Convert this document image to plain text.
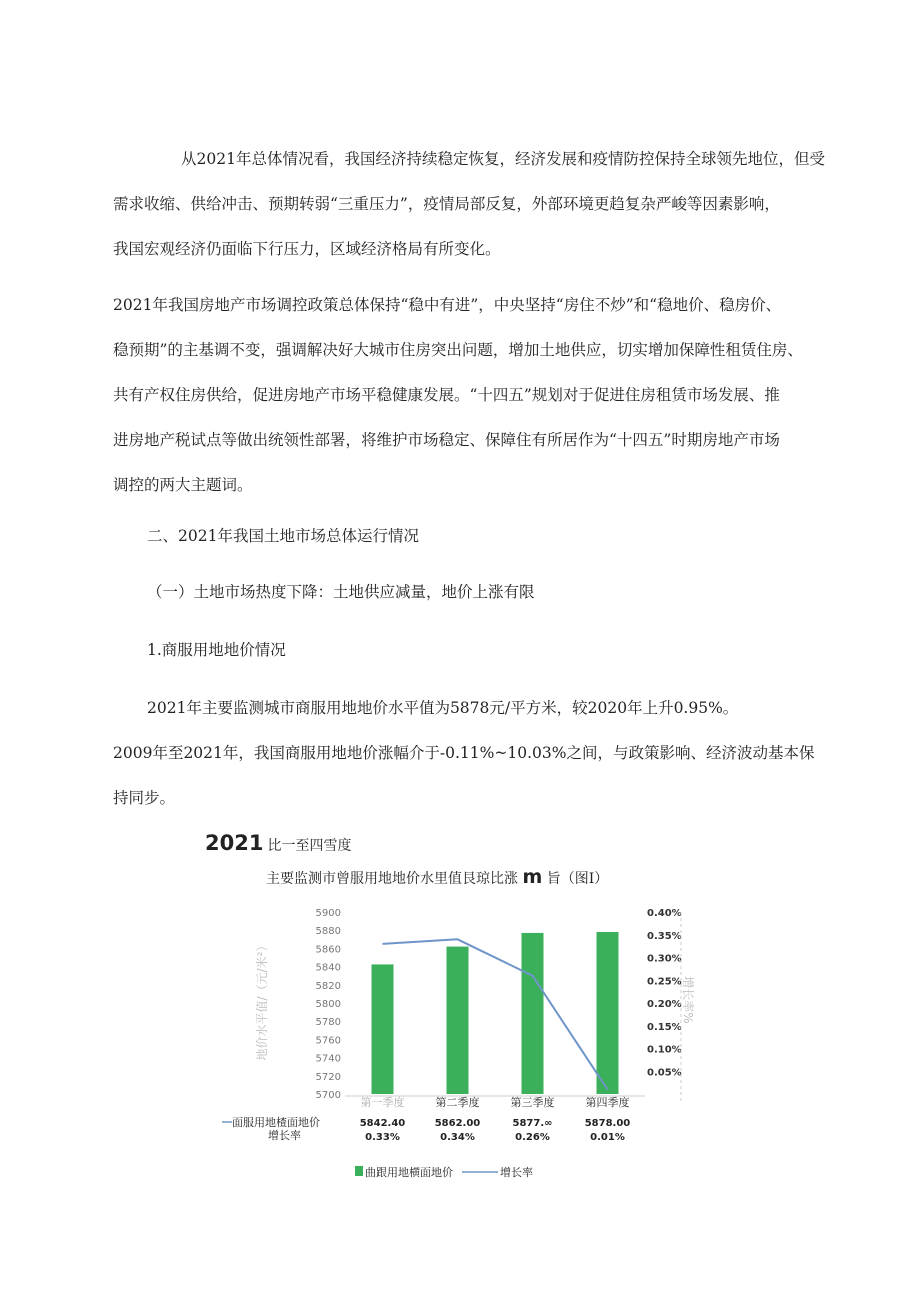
从2021年总体情况看，我国经济持续稳定恢复，经济发展和疫情防控保持全球领先地位，但受
需求收缩、供给冲击、预期转弱“三重压力”，疫情局部反复，外部环境更趋复杂严峻等因素影响，
我国宏观经济仍面临下行压力，区域经济格局有所变化。
2021年我国房地产市场调控政策总体保持“稳中有进”，中央坚持“房住不炒”和“稳地价、稳房价、
稳预期”的主基调不变，强调解决好大城市住房突出问题，增加土地供应，切实增加保障性租赁住房、
共有产权住房供给，促进房地产市场平稳健康发展。“十四五”规划对于促进住房租赁市场发展、推
进房地产税试点等做出统领性部署，将维护市场稳定、保障住有所居作为“十四五”时期房地产市场
调控的两大主题词。

二、2021年我国土地市场总体运行情况

（一）土地市场热度下降：土地供应减量，地价上涨有限

1.商服用地地价情况

2021年主要监测城市商服用地地价水平值为5878元/平方米，较2020年上升0.95%。
2009年至2021年，我国商服用地地价涨幅介于-0.11%~10.03%之间，与政策影响、经济波动基本保
持同步。
2021 比一至四雪度
主要监测市曾服用地地价水里值艮琼比涨 m 旨（图Ⅰ）
5900
5880
5860
5840
5820
5800
5780
5760
5740
5720
5700
地价水平值/（元/米²）
0.40%
0.35%
0.30%
0.25%
0.20%
0.15%
0.10%
0.05%
增长率%
第一季度	第二季度	第三季度	第四季度
面服用地楂面地价
增长率
5842.40	5862.00	5877.∞	5878.00
0.33%	0.34%	0.26%	0.01%
曲跟用地横面地价	增长率
